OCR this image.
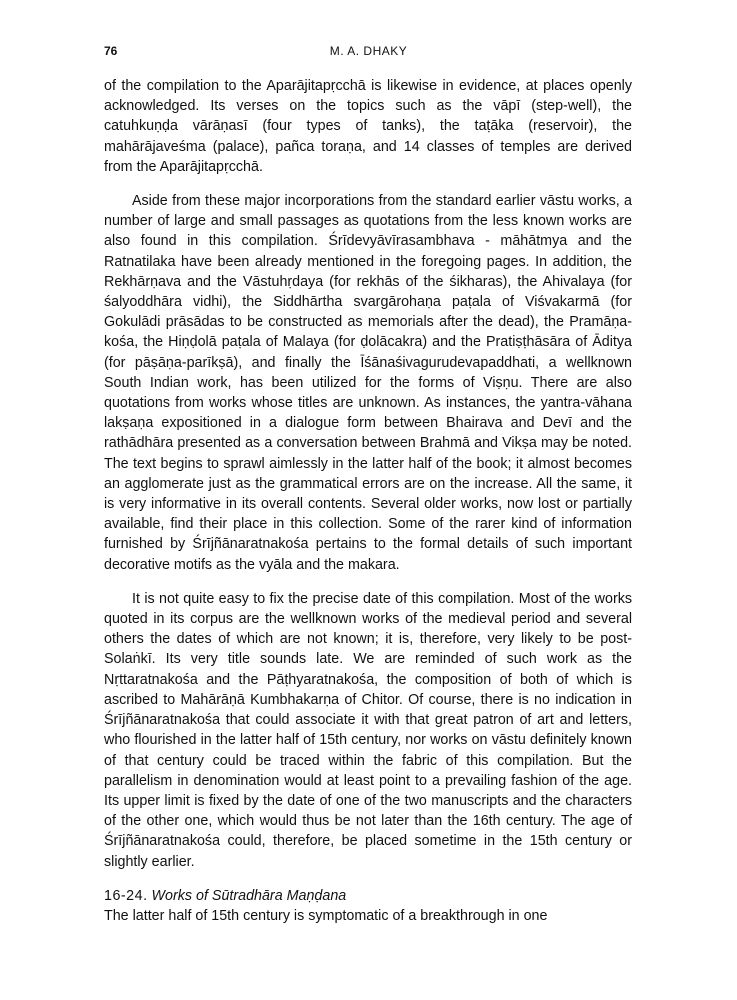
76	M. A. DHAKY

of the compilation to the Aparājitapṛcchā is likewise in evidence, at places openly acknowledged. Its verses on the topics such as the vāpī (step-well), the catuhkuṇḍa vārāṇasī (four types of tanks), the taṭāka (reservoir), the mahārājaveśma (palace), pañca toraṇa, and 14 classes of temples are derived from the Aparājitapṛcchā.

Aside from these major incorporations from the standard earlier vāstu works, a number of large and small passages as quotations from the less known works are also found in this compilation. Śrīdevyāvīrasambhava - māhātmya and the Ratnatilaka have been already mentioned in the foregoing pages. In addition, the Rekhārṇava and the Vāstuhṛdaya (for rekhās of the śikharas), the Ahivalaya (for śalyoddhāra vidhi), the Siddhārtha svargārohaṇa paṭala of Viśvakarmā (for Gokulādi prāsādas to be constructed as memorials after the dead), the Pramāṇa-kośa, the Hiṇḍolā paṭala of Malaya (for ḍolācakra) and the Pratiṣṭhāsāra of Āditya (for pāṣāṇa-parīkṣā), and finally the Īśānaśivagurudevapaddhati, a wellknown South Indian work, has been utilized for the forms of Viṣṇu. There are also quotations from works whose titles are unknown. As instances, the yantra-vāhana lakṣaṇa expositioned in a dialogue form between Bhairava and Devī and the rathādhāra presented as a conversation between Brahmā and Vikṣa may be noted. The text begins to sprawl aimlessly in the latter half of the book; it almost becomes an agglomerate just as the grammatical errors are on the increase. All the same, it is very informative in its overall contents. Several older works, now lost or partially available, find their place in this collection. Some of the rarer kind of information furnished by Śrījñānaratnakośa pertains to the formal details of such important decorative motifs as the vyāla and the makara.

It is not quite easy to fix the precise date of this compilation. Most of the works quoted in its corpus are the wellknown works of the medieval period and several others the dates of which are not known; it is, therefore, very likely to be post-Solaṅkī. Its very title sounds late. We are reminded of such work as the Nṛttaratnakośa and the Pāṭhyaratnakośa, the composition of both of which is ascribed to Mahārāṇā Kumbhakarṇa of Chitor. Of course, there is no indication in Śrījñānaratnakośa that could associate it with that great patron of art and letters, who flourished in the latter half of 15th century, nor works on vāstu definitely known of that century could be traced within the fabric of this compilation. But the parallelism in denomination would at least point to a prevailing fashion of the age. Its upper limit is fixed by the date of one of the two manuscripts and the characters of the other one, which would thus be not later than the 16th century. The age of Śrījñānaratnakośa could, therefore, be placed sometime in the 15th century or slightly earlier.

16-24. Works of Sūtradhāra Maṇḍana

The latter half of 15th century is symptomatic of a breakthrough in one
